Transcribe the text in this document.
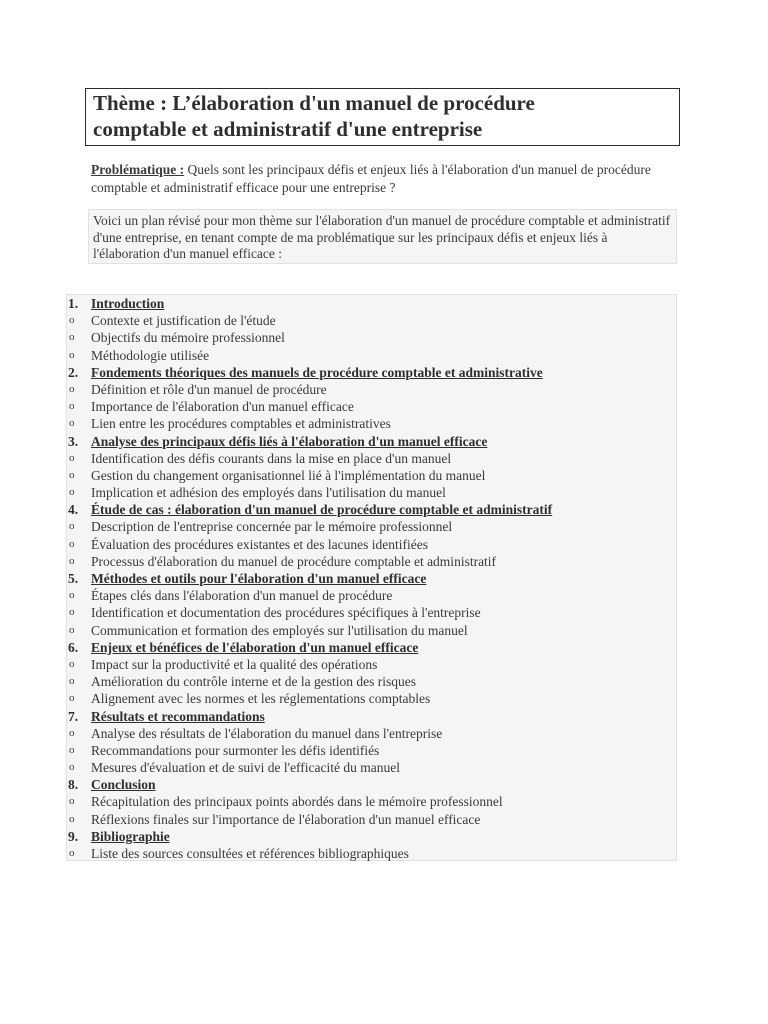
Thème : L’élaboration d'un manuel de procédure
comptable et administratif d'une entreprise
Problématique : Quels sont les principaux défis et enjeux liés à l'élaboration d'un manuel de procédure comptable et administratif efficace pour une entreprise ?
Voici un plan révisé pour mon thème sur l'élaboration d'un manuel de procédure comptable et administratif d'une entreprise, en tenant compte de ma problématique sur les principaux défis et enjeux liés à l'élaboration d'un manuel efficace :
1. Introduction
o Contexte et justification de l'étude
o Objectifs du mémoire professionnel
o Méthodologie utilisée
2. Fondements théoriques des manuels de procédure comptable et administrative
o Définition et rôle d'un manuel de procédure
o Importance de l'élaboration d'un manuel efficace
o Lien entre les procédures comptables et administratives
3. Analyse des principaux défis liés à l'élaboration d'un manuel efficace
o Identification des défis courants dans la mise en place d'un manuel
o Gestion du changement organisationnel lié à l'implémentation du manuel
o Implication et adhésion des employés dans l'utilisation du manuel
4. Étude de cas : élaboration d'un manuel de procédure comptable et administratif
o Description de l'entreprise concernée par le mémoire professionnel
o Évaluation des procédures existantes et des lacunes identifiées
o Processus d'élaboration du manuel de procédure comptable et administratif
5. Méthodes et outils pour l'élaboration d'un manuel efficace
o Étapes clés dans l'élaboration d'un manuel de procédure
o Identification et documentation des procédures spécifiques à l'entreprise
o Communication et formation des employés sur l'utilisation du manuel
6. Enjeux et bénéfices de l'élaboration d'un manuel efficace
o Impact sur la productivité et la qualité des opérations
o Amélioration du contrôle interne et de la gestion des risques
o Alignement avec les normes et les réglementations comptables
7. Résultats et recommandations
o Analyse des résultats de l'élaboration du manuel dans l'entreprise
o Recommandations pour surmonter les défis identifiés
o Mesures d'évaluation et de suivi de l'efficacité du manuel
8. Conclusion
o Récapitulation des principaux points abordés dans le mémoire professionnel
o Réflexions finales sur l'importance de l'élaboration d'un manuel efficace
9. Bibliographie
o Liste des sources consultées et références bibliographiques
